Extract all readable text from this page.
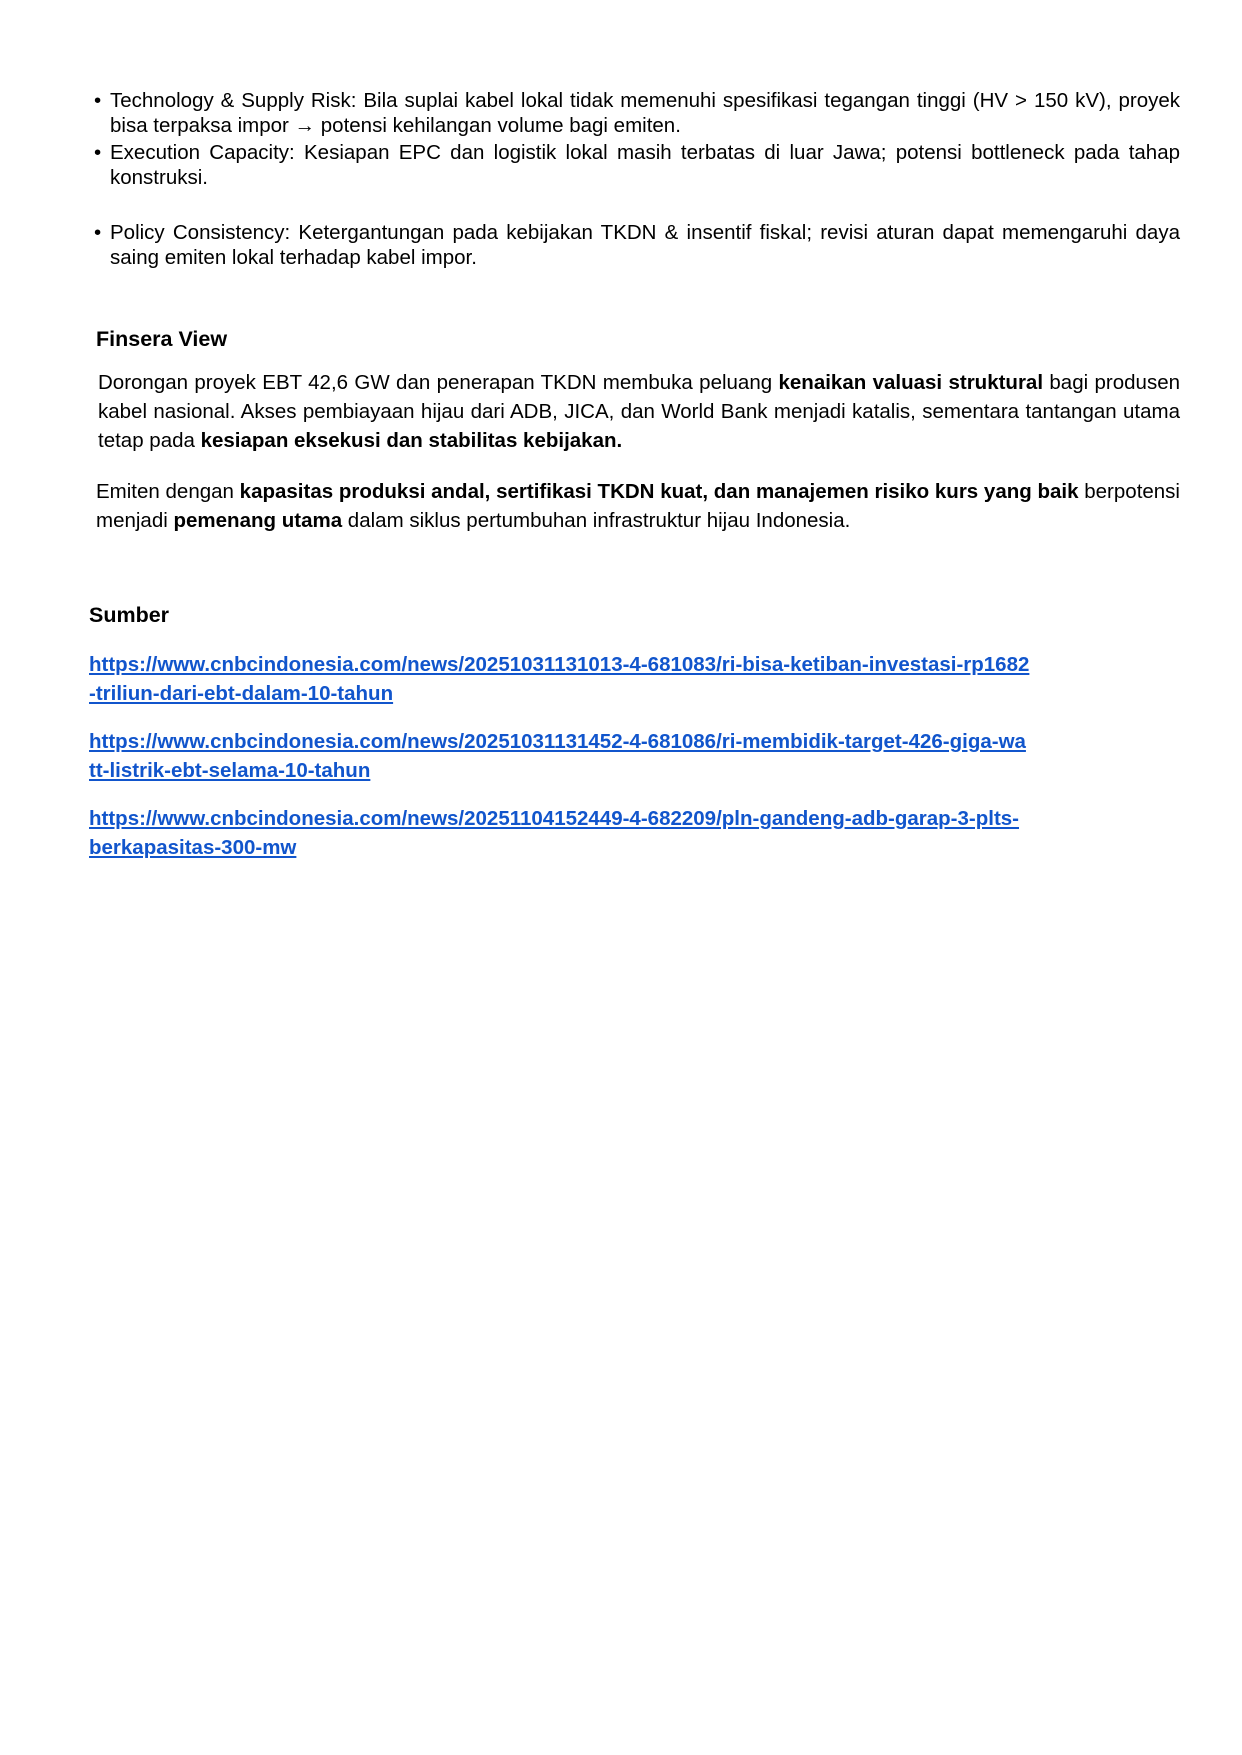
• Technology & Supply Risk: Bila suplai kabel lokal tidak memenuhi spesifikasi tegangan tinggi (HV > 150 kV), proyek bisa terpaksa impor → potensi kehilangan volume bagi emiten.
• Execution Capacity: Kesiapan EPC dan logistik lokal masih terbatas di luar Jawa; potensi bottleneck pada tahap konstruksi.
• Policy Consistency: Ketergantungan pada kebijakan TKDN & insentif fiskal; revisi aturan dapat memengaruhi daya saing emiten lokal terhadap kabel impor.
Finsera View

Dorongan proyek EBT 42,6 GW dan penerapan TKDN membuka peluang kenaikan valuasi struktural bagi produsen kabel nasional. Akses pembiayaan hijau dari ADB, JICA, dan World Bank menjadi katalis, sementara tantangan utama tetap pada kesiapan eksekusi dan stabilitas kebijakan.

Emiten dengan kapasitas produksi andal, sertifikasi TKDN kuat, dan manajemen risiko kurs yang baik berpotensi menjadi pemenang utama dalam siklus pertumbuhan infrastruktur hijau Indonesia.

Sumber
https://www.cnbcindonesia.com/news/20251031131013-4-681083/ri-bisa-ketiban-investasi-rp1682
-triliun-dari-ebt-dalam-10-tahun
https://www.cnbcindonesia.com/news/20251031131452-4-681086/ri-membidik-target-426-giga-wa
tt-listrik-ebt-selama-10-tahun
https://www.cnbcindonesia.com/news/20251104152449-4-682209/pln-gandeng-adb-garap-3-plts-
berkapasitas-300-mw
